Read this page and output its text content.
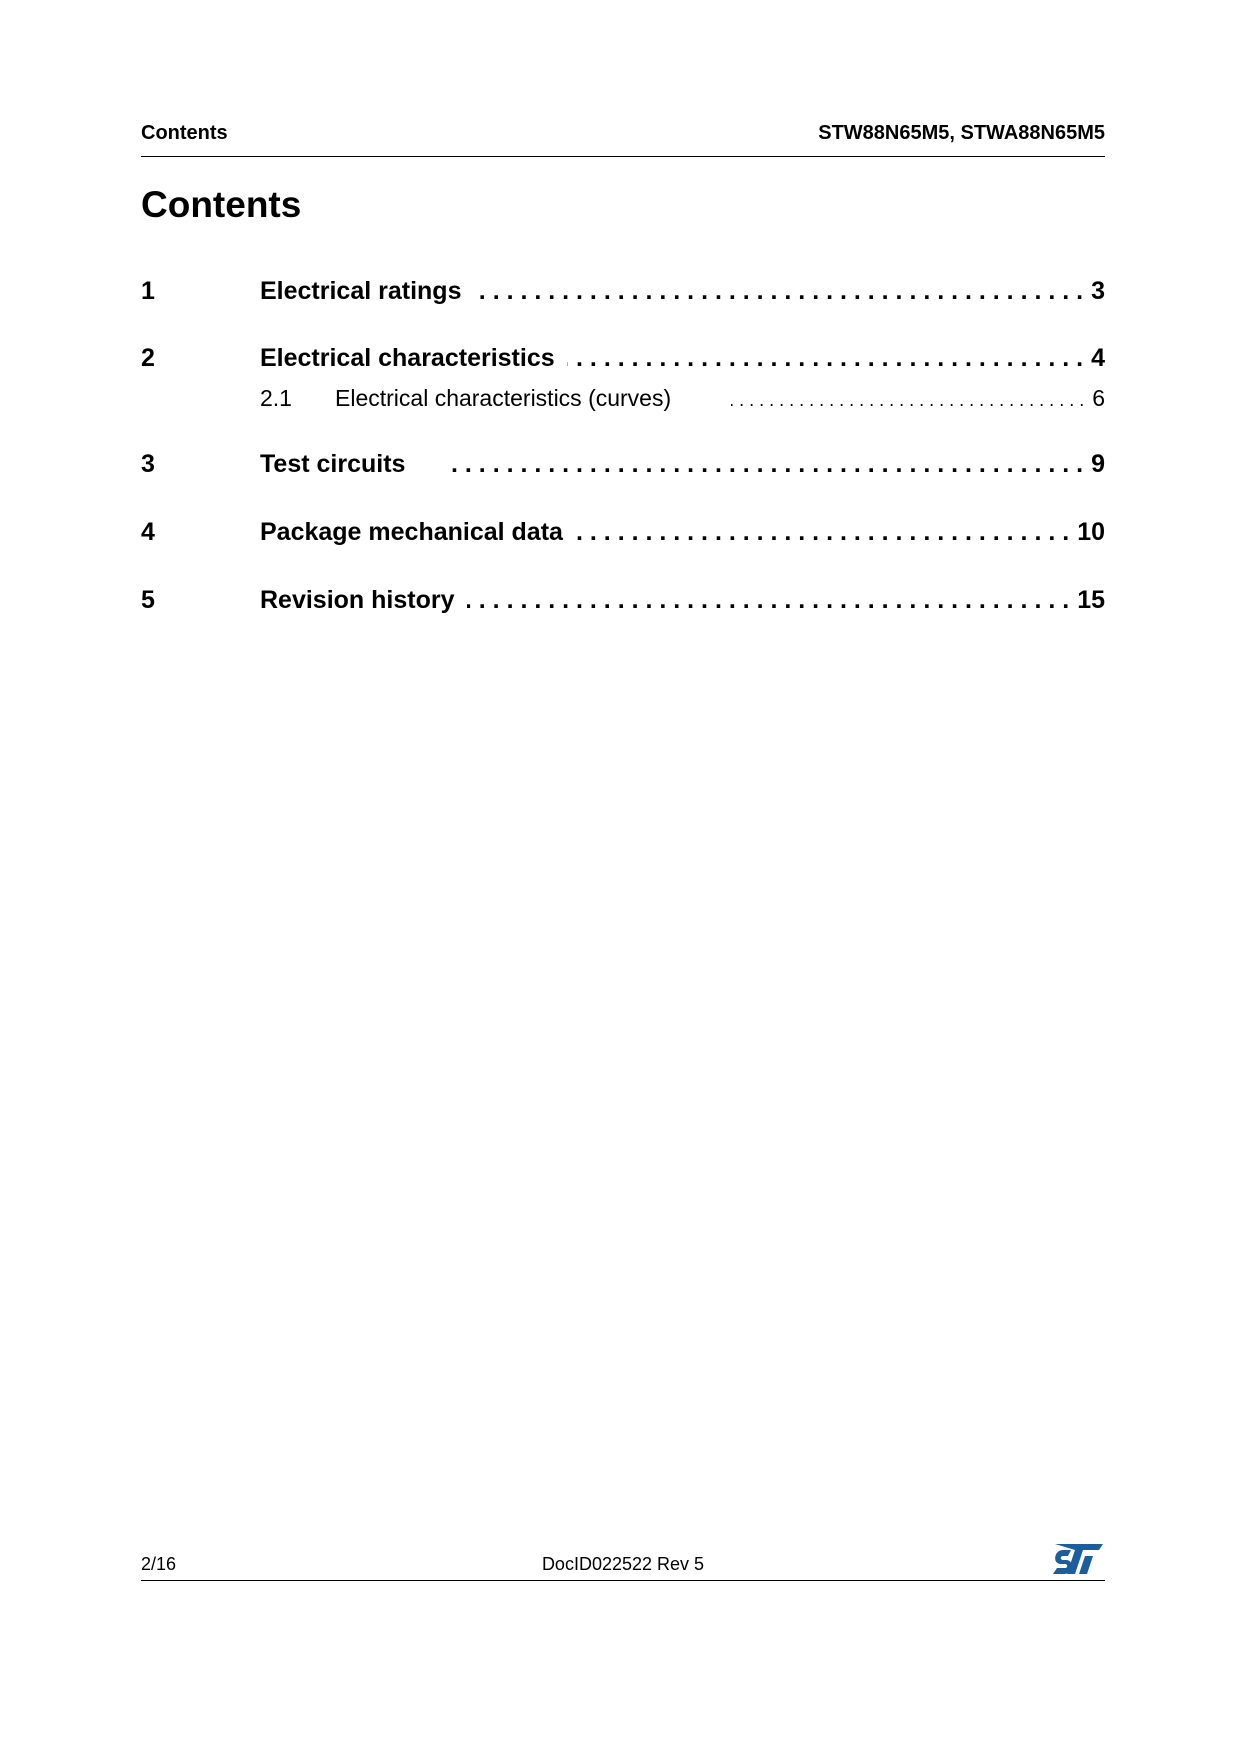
Contents	STW88N65M5, STWA88N65M5
Contents
1	Electrical ratings . . .	3
2	Electrical characteristics . . .	4
2.1	Electrical characteristics (curves) . . .	6
3	Test circuits . . .	9
4	Package mechanical data . . .	10
5	Revision history . . .	15
2/16	DocID022522 Rev 5
